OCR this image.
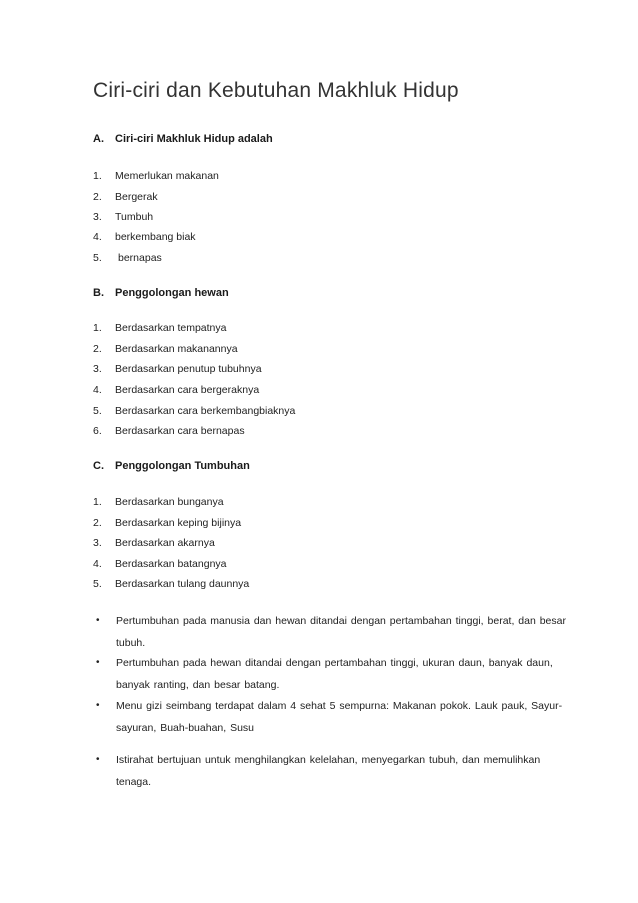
Ciri-ciri dan Kebutuhan Makhluk Hidup
A. Ciri-ciri Makhluk Hidup adalah
1. Memerlukan makanan
2. Bergerak
3. Tumbuh
4. berkembang biak
5. bernapas
B. Penggolongan hewan
1. Berdasarkan tempatnya
2. Berdasarkan makanannya
3. Berdasarkan penutup tubuhnya
4. Berdasarkan cara bergeraknya
5. Berdasarkan cara berkembangbiaknya
6. Berdasarkan cara bernapas
C. Penggolongan Tumbuhan
1. Berdasarkan bunganya
2. Berdasarkan keping bijinya
3. Berdasarkan akarnya
4. Berdasarkan batangnya
5. Berdasarkan tulang daunnya
• Pertumbuhan pada manusia dan hewan ditandai dengan pertambahan tinggi, berat, dan besar tubuh.
• Pertumbuhan pada hewan ditandai dengan pertambahan tinggi, ukuran daun, banyak daun, banyak ranting, dan besar batang.
• Menu gizi seimbang terdapat dalam 4 sehat 5 sempurna: Makanan pokok. Lauk pauk, Sayur-sayuran, Buah-buahan, Susu
• Istirahat bertujuan untuk menghilangkan kelelahan, menyegarkan tubuh, dan memulihkan tenaga.
